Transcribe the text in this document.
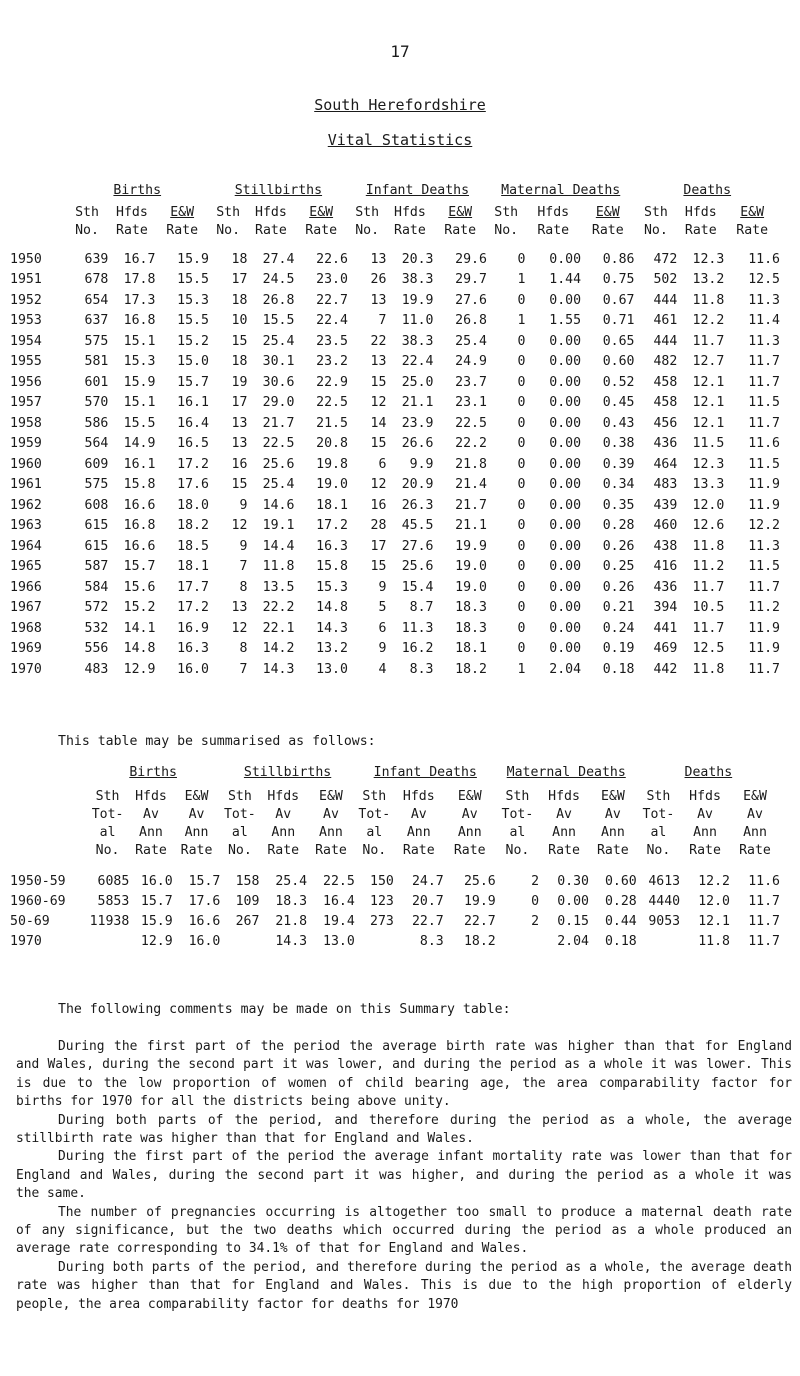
17
South Herefordshire
Vital Statistics
	Births			Stillbirths			Infant Deaths			Maternal Deaths			Deaths		
	Sth	Hfds	E&W	Sth	Hfds	E&W	Sth	Hfds	E&W	Sth	Hfds	E&W	Sth	Hfds	E&W
	No.	Rate	Rate	No.	Rate	Rate	No.	Rate	Rate	No.	Rate	Rate	No.	Rate	Rate

1950	639	16.7	15.9	18	27.4	22.6	13	20.3	29.6	0	0.00	0.86	472	12.3	11.6
1951	678	17.8	15.5	17	24.5	23.0	26	38.3	29.7	1	1.44	0.75	502	13.2	12.5
1952	654	17.3	15.3	18	26.8	22.7	13	19.9	27.6	0	0.00	0.67	444	11.8	11.3
1953	637	16.8	15.5	10	15.5	22.4	7	11.0	26.8	1	1.55	0.71	461	12.2	11.4
1954	575	15.1	15.2	15	25.4	23.5	22	38.3	25.4	0	0.00	0.65	444	11.7	11.3
1955	581	15.3	15.0	18	30.1	23.2	13	22.4	24.9	0	0.00	0.60	482	12.7	11.7
1956	601	15.9	15.7	19	30.6	22.9	15	25.0	23.7	0	0.00	0.52	458	12.1	11.7
1957	570	15.1	16.1	17	29.0	22.5	12	21.1	23.1	0	0.00	0.45	458	12.1	11.5
1958	586	15.5	16.4	13	21.7	21.5	14	23.9	22.5	0	0.00	0.43	456	12.1	11.7
1959	564	14.9	16.5	13	22.5	20.8	15	26.6	22.2	0	0.00	0.38	436	11.5	11.6
1960	609	16.1	17.2	16	25.6	19.8	6	9.9	21.8	0	0.00	0.39	464	12.3	11.5
1961	575	15.8	17.6	15	25.4	19.0	12	20.9	21.4	0	0.00	0.34	483	13.3	11.9
1962	608	16.6	18.0	9	14.6	18.1	16	26.3	21.7	0	0.00	0.35	439	12.0	11.9
1963	615	16.8	18.2	12	19.1	17.2	28	45.5	21.1	0	0.00	0.28	460	12.6	12.2
1964	615	16.6	18.5	9	14.4	16.3	17	27.6	19.9	0	0.00	0.26	438	11.8	11.3
1965	587	15.7	18.1	7	11.8	15.8	15	25.6	19.0	0	0.00	0.25	416	11.2	11.5
1966	584	15.6	17.7	8	13.5	15.3	9	15.4	19.0	0	0.00	0.26	436	11.7	11.7
1967	572	15.2	17.2	13	22.2	14.8	5	8.7	18.3	0	0.00	0.21	394	10.5	11.2
1968	532	14.1	16.9	12	22.1	14.3	6	11.3	18.3	0	0.00	0.24	441	11.7	11.9
1969	556	14.8	16.3	8	14.2	13.2	9	16.2	18.1	0	0.00	0.19	469	12.5	11.9
1970	483	12.9	16.0	7	14.3	13.0	4	8.3	18.2	1	2.04	0.18	442	11.8	11.7
This table may be summarised as follows:
	Births			Stillbirths			Infant Deaths			Maternal Deaths			Deaths		
	Sth	Hfds	E&W	Sth	Hfds	E&W	Sth	Hfds	E&W	Sth	Hfds	E&W	Sth	Hfds	E&W
	Tot-	Av	Av	Tot-	Av	Av	Tot-	Av	Av	Tot-	Av	Av	Tot-	Av	Av
	al	Ann	Ann	al	Ann	Ann	al	Ann	Ann	al	Ann	Ann	al	Ann	Ann
	No.	Rate	Rate	No.	Rate	Rate	No.	Rate	Rate	No.	Rate	Rate	No.	Rate	Rate

1950-59	6085	16.0	15.7	158	25.4	22.5	150	24.7	25.6	2	0.30	0.60	4613	12.2	11.6
1960-69	5853	15.7	17.6	109	18.3	16.4	123	20.7	19.9	0	0.00	0.28	4440	12.0	11.7
50-69	11938	15.9	16.6	267	21.8	19.4	273	22.7	22.7	2	0.15	0.44	9053	12.1	11.7
1970		12.9	16.0		14.3	13.0		8.3	18.2		2.04	0.18		11.8	11.7
The following comments may be made on this Summary table:

During the first part of the period the average birth rate was higher than that for England and Wales, during the second part it was lower, and during the period as a whole it was lower. This is due to the low proportion of women of child bearing age, the area comparability factor for births for 1970 for all the districts being above unity.

During both parts of the period, and therefore during the period as a whole, the average stillbirth rate was higher than that for England and Wales.

During the first part of the period the average infant mortality rate was lower than that for England and Wales, during the second part it was higher, and during the period as a whole it was the same.

The number of pregnancies occurring is altogether too small to produce a maternal death rate of any significance, but the two deaths which occurred during the period as a whole produced an average rate corresponding to 34.1% of that for England and Wales.

During both parts of the period, and therefore during the period as a whole, the average death rate was higher than that for England and Wales. This is due to the high proportion of elderly people, the area comparability factor for deaths for 1970
